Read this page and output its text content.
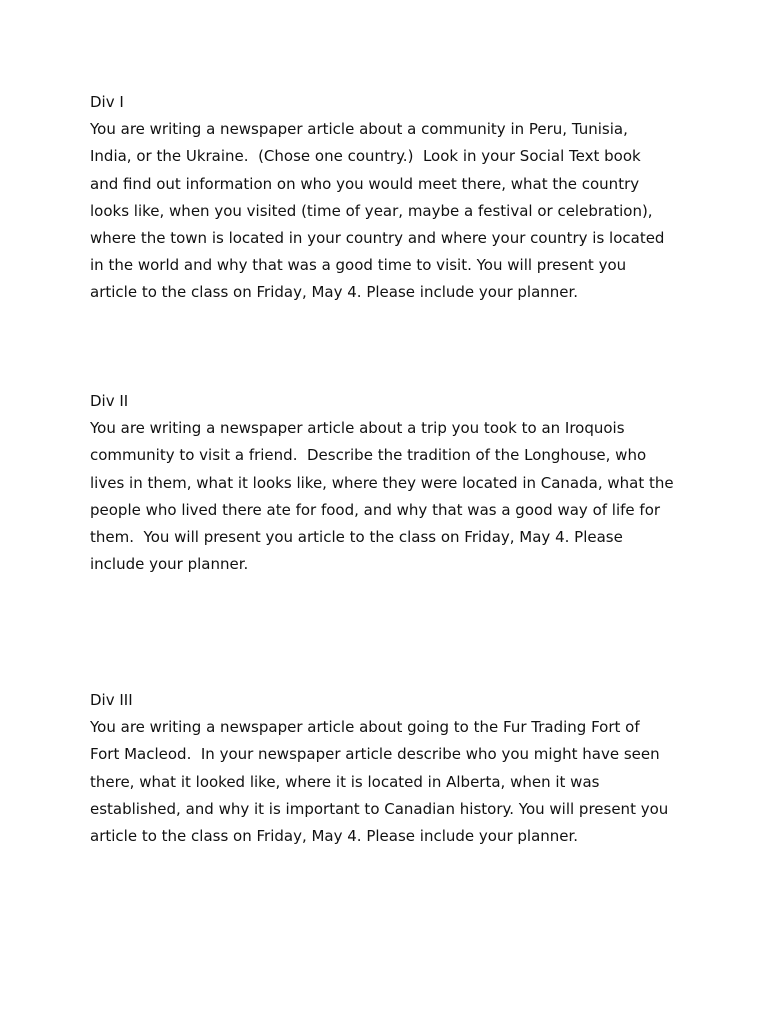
Div I
You are writing a newspaper article about a community in Peru, Tunisia,
India, or the Ukraine.  (Chose one country.)  Look in your Social Text book
and find out information on who you would meet there, what the country
looks like, when you visited (time of year, maybe a festival or celebration),
where the town is located in your country and where your country is located
in the world and why that was a good time to visit. You will present you
article to the class on Friday, May 4. Please include your planner.
Div II
You are writing a newspaper article about a trip you took to an Iroquois
community to visit a friend.  Describe the tradition of the Longhouse, who
lives in them, what it looks like, where they were located in Canada, what the
people who lived there ate for food, and why that was a good way of life for
them.  You will present you article to the class on Friday, May 4. Please
include your planner.
Div III
You are writing a newspaper article about going to the Fur Trading Fort of
Fort Macleod.  In your newspaper article describe who you might have seen
there, what it looked like, where it is located in Alberta, when it was
established, and why it is important to Canadian history. You will present you
article to the class on Friday, May 4. Please include your planner.
